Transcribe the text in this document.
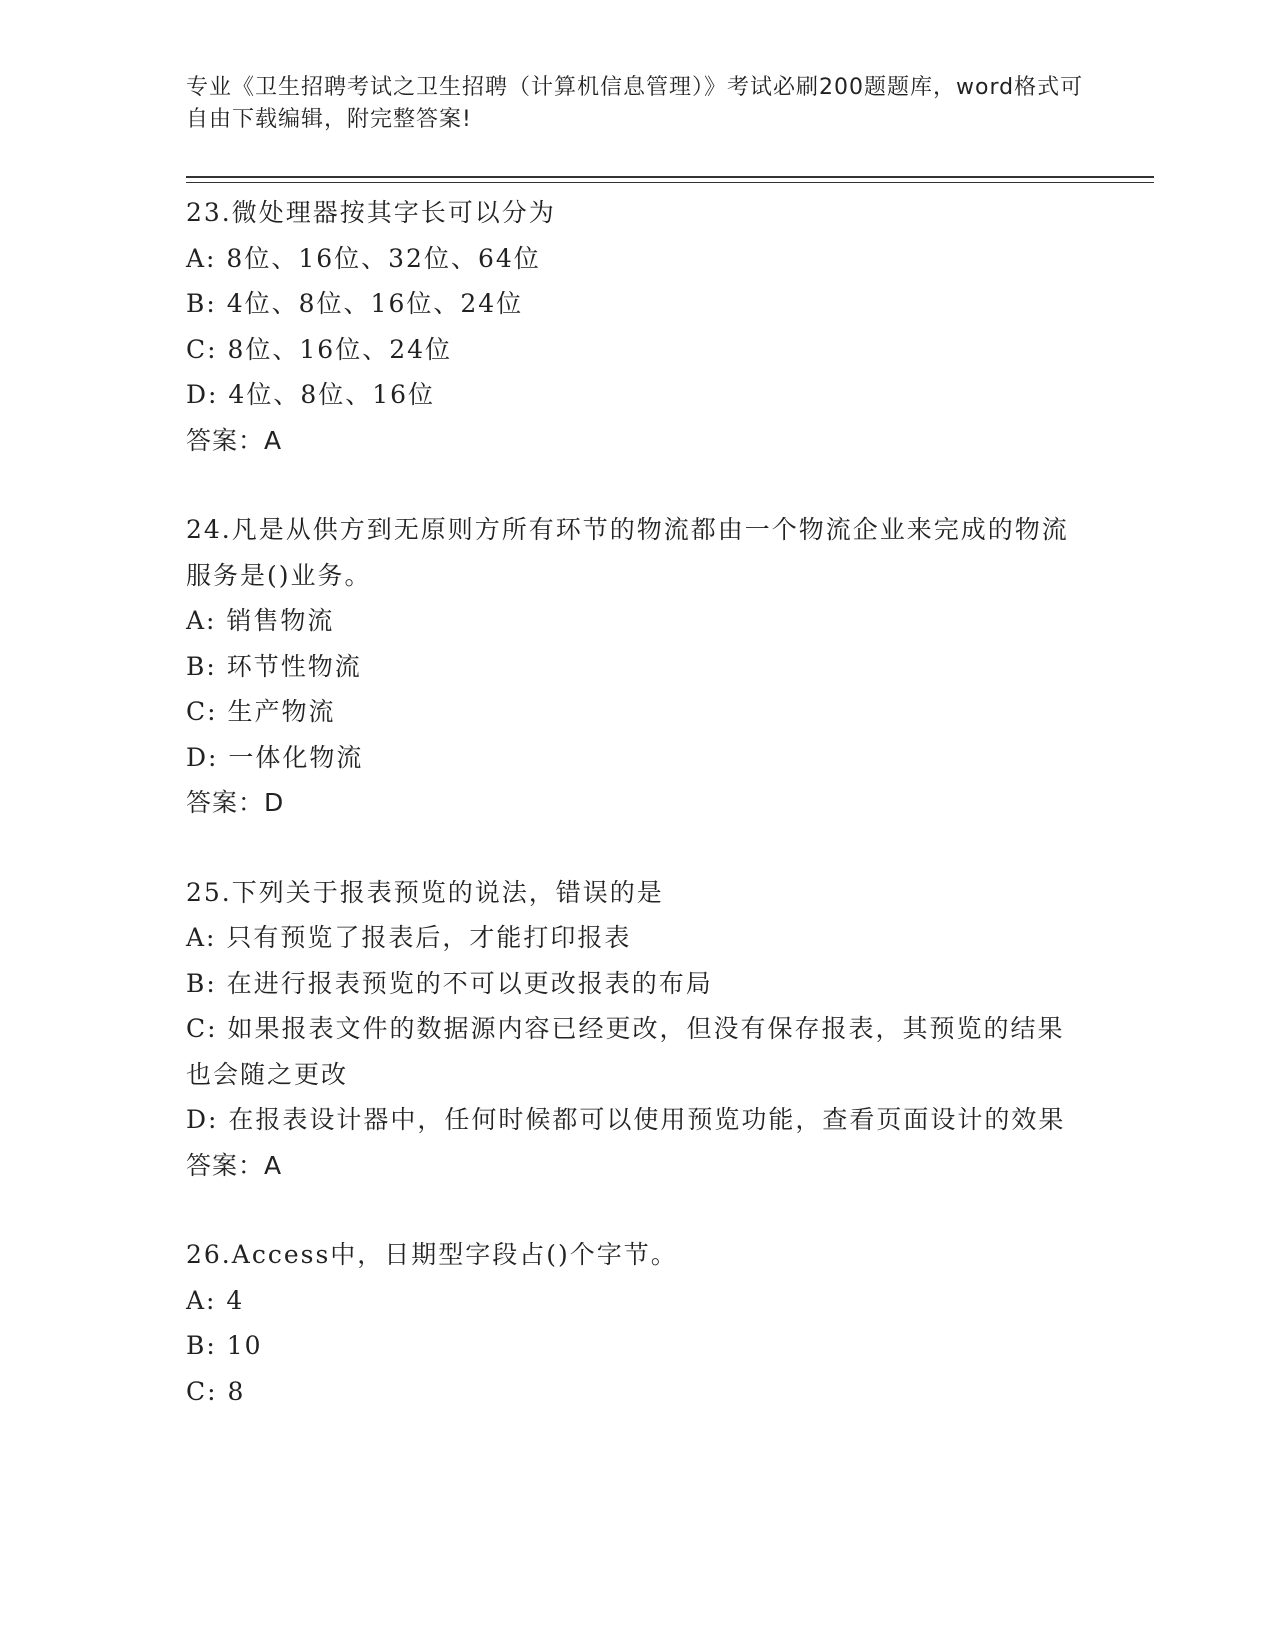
专业《卫生招聘考试之卫生招聘（计算机信息管理）》考试必刷200题题库，word格式可自由下载编辑，附完整答案!
23.微处理器按其字长可以分为
A: 8位、16位、32位、64位
B: 4位、8位、16位、24位
C: 8位、16位、24位
D: 4位、8位、16位
答案：A
24.凡是从供方到无原则方所有环节的物流都由一个物流企业来完成的物流服务是()业务。
A: 销售物流
B: 环节性物流
C: 生产物流
D: 一体化物流
答案：D
25.下列关于报表预览的说法，错误的是
A: 只有预览了报表后，才能打印报表
B: 在进行报表预览的不可以更改报表的布局
C: 如果报表文件的数据源内容已经更改，但没有保存报表，其预览的结果也会随之更改
D: 在报表设计器中，任何时候都可以使用预览功能，查看页面设计的效果
答案：A
26.Access中，日期型字段占()个字节。
A: 4
B: 10
C: 8
